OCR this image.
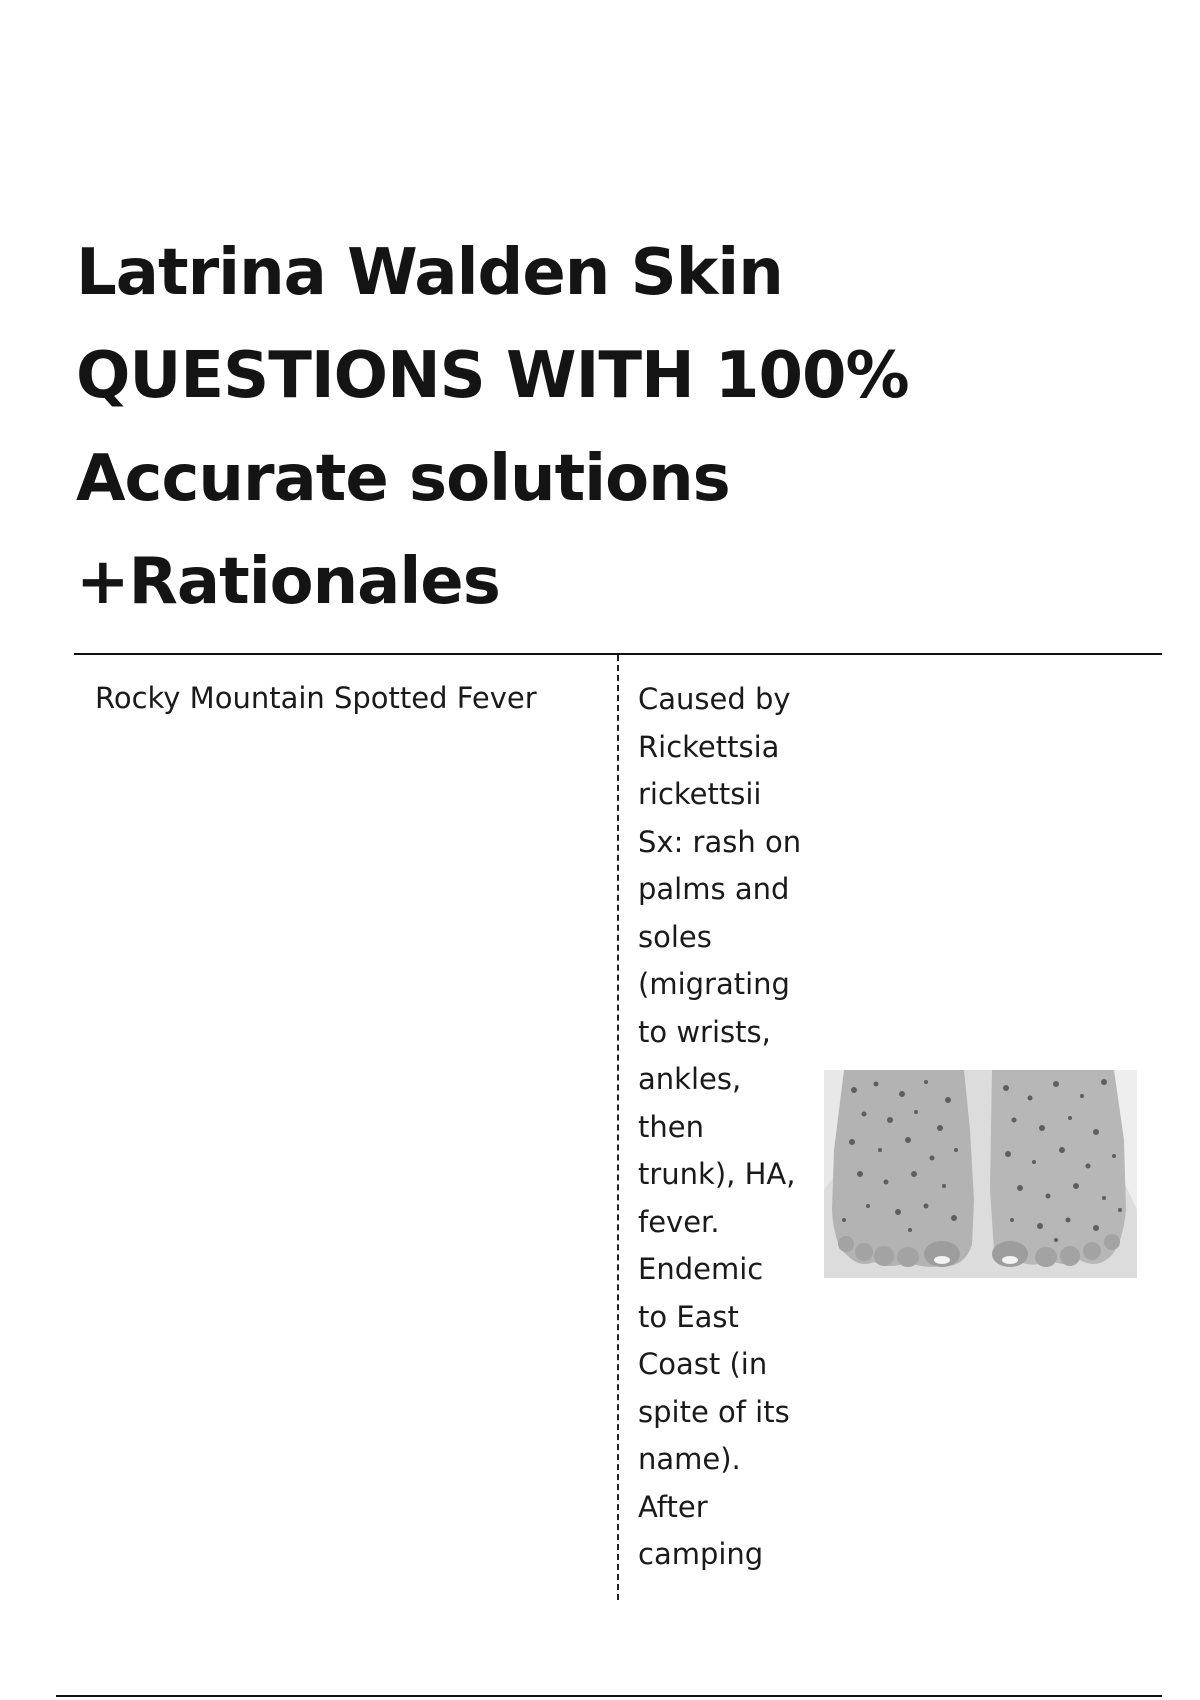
Latrina Walden Skin
QUESTIONS WITH 100%
Accurate solutions
+Rationales
Rocky Mountain Spotted Fever	Caused by
Rickettsia
rickettsii
Sx: rash on
palms and
soles
(migrating
to wrists,
ankles,
then
trunk), HA,
fever.
Endemic
to East
Coast (in
spite of its
name).
After
camping
